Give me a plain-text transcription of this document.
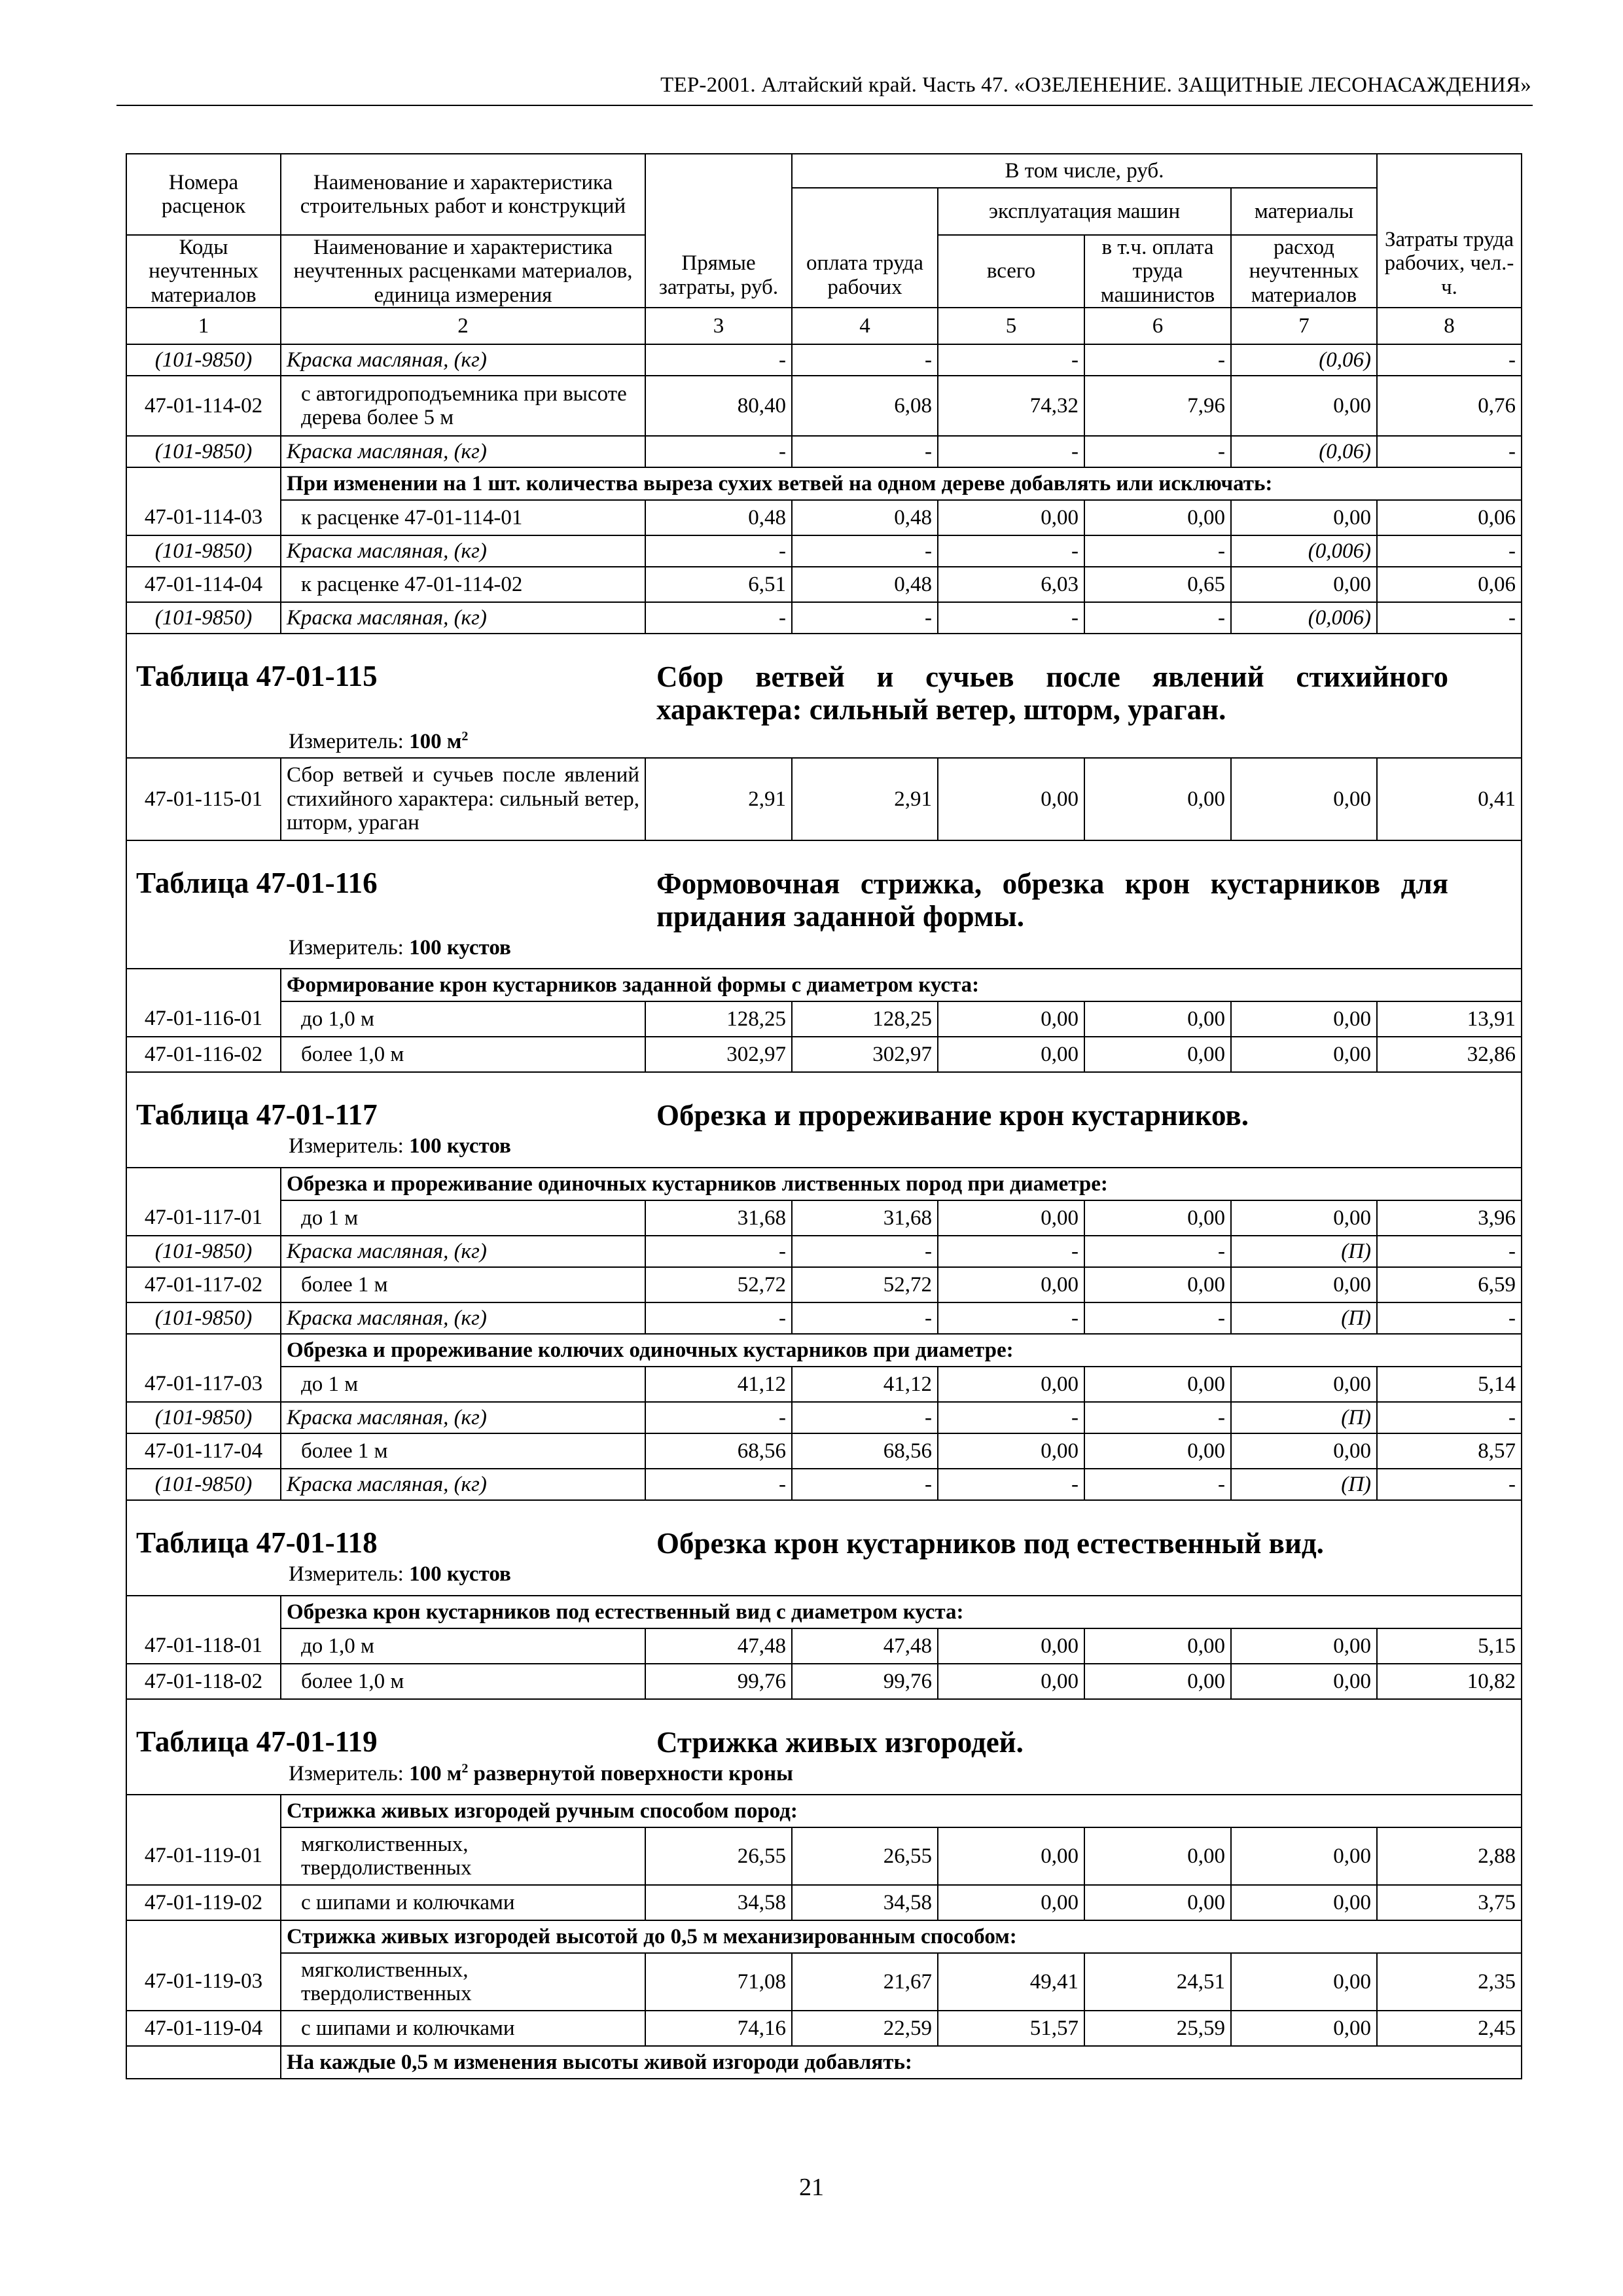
ТЕР-2001. Алтайский край. Часть 47. «ОЗЕЛЕНЕНИЕ. ЗАЩИТНЫЕ ЛЕСОНАСАЖДЕНИЯ»
Номера расценок	Наименование и характеристика строительных работ и конструкций	Прямые затраты, руб.	В том числе, руб.				Затраты труда рабочих, чел.-ч.
			оплата труда рабочих	эксплуатация машин		материалы	
Коды неучтенных материалов	Наименование и характеристика неучтенных расценками материалов, единица измерения			всего	в т.ч. оплата труда машинистов	расход неучтенных материалов	
1	2	3	4	5	6	7	8
(101-9850)	Краска масляная, (кг)	-	-	-	-	(0,06)	-
47-01-114-02	с автогидроподъемника при высоте дерева более 5 м	80,40	6,08	74,32	7,96	0,00	0,76
(101-9850)	Краска масляная, (кг)	-	-	-	-	(0,06)	-
	При изменении на 1 шт. количества выреза сухих ветвей на одном дереве добавлять или исключать:						
47-01-114-03	к расценке 47-01-114-01	0,48	0,48	0,00	0,00	0,00	0,06
(101-9850)	Краска масляная, (кг)	-	-	-	-	(0,006)	-
47-01-114-04	к расценке 47-01-114-02	6,51	0,48	6,03	0,65	0,00	0,06
(101-9850)	Краска масляная, (кг)	-	-	-	-	(0,006)	-

Таблица 47-01-115 Сбор ветвей и сучьев после явлений стихийного характера: сильный ветер, шторм, ураган.
Измеритель: 100 $м^2$

47-01-115-01	Сбор ветвей и сучьев после явлений стихийного характера: сильный ветер, шторм, ураган	2,91	2,91	0,00	0,00	0,00	0,41

Таблица 47-01-116 Формовочная стрижка, обрезка крон кустарников для придания заданной формы.
Измеритель: 100 кустов							

	Формирование крон кустарников заданной формы с диаметром куста:						
47-01-116-01	до 1,0 м	128,25	128,25	0,00	0,00	0,00	13,91
47-01-116-02	более 1,0 м	302,97	302,97	0,00	0,00	0,00	32,86

Таблица 47-01-117 Обрезка и прореживание крон кустарников.
Измеритель: 100 кустов							

	Обрезка и прореживание одиночных кустарников лиственных пород при диаметре:						
47-01-117-01	до 1 м	31,68	31,68	0,00	0,00	0,00	3,96
(101-9850)	Краска масляная, (кг)	-	-	-	-	(П)	-
47-01-117-02	более 1 м	52,72	52,72	0,00	0,00	0,00	6,59
(101-9850)	Краска масляная, (кг)	-	-	-	-	(П)	-
	Обрезка и прореживание колючих одиночных кустарников при диаметре:						
47-01-117-03	до 1 м	41,12	41,12	0,00	0,00	0,00	5,14
(101-9850)	Краска масляная, (кг)	-	-	-	-	(П)	-
47-01-117-04	более 1 м	68,56	68,56	0,00	0,00	0,00	8,57
(101-9850)	Краска масляная, (кг)	-	-	-	-	(П)	-

Таблица 47-01-118 Обрезка крон кустарников под естественный вид.
Измеритель: 100 кустов							

	Обрезка крон кустарников под естественный вид с диаметром куста:						
47-01-118-01	до 1,0 м	47,48	47,48	0,00	0,00	0,00	5,15
47-01-118-02	более 1,0 м	99,76	99,76	0,00	0,00	0,00	10,82

Таблица 47-01-119 Стрижка живых изгородей.
Измеритель: 100 $м^2$ развернутой поверхности кроны							

	Стрижка живых изгородей ручным способом пород:						
47-01-119-01	мягколиственных, твердолиственных	26,55	26,55	0,00	0,00	0,00	2,88
47-01-119-02	с шипами и колючками	34,58	34,58	0,00	0,00	0,00	3,75
	Стрижка живых изгородей высотой до 0,5 м механизированным способом:						
47-01-119-03	мягколиственных, твердолиственных	71,08	21,67	49,41	24,51	0,00	2,35
47-01-119-04	с шипами и колючками	74,16	22,59	51,57	25,59	0,00	2,45
	На каждые 0,5 м изменения высоты живой изгороди добавлять:						
21
